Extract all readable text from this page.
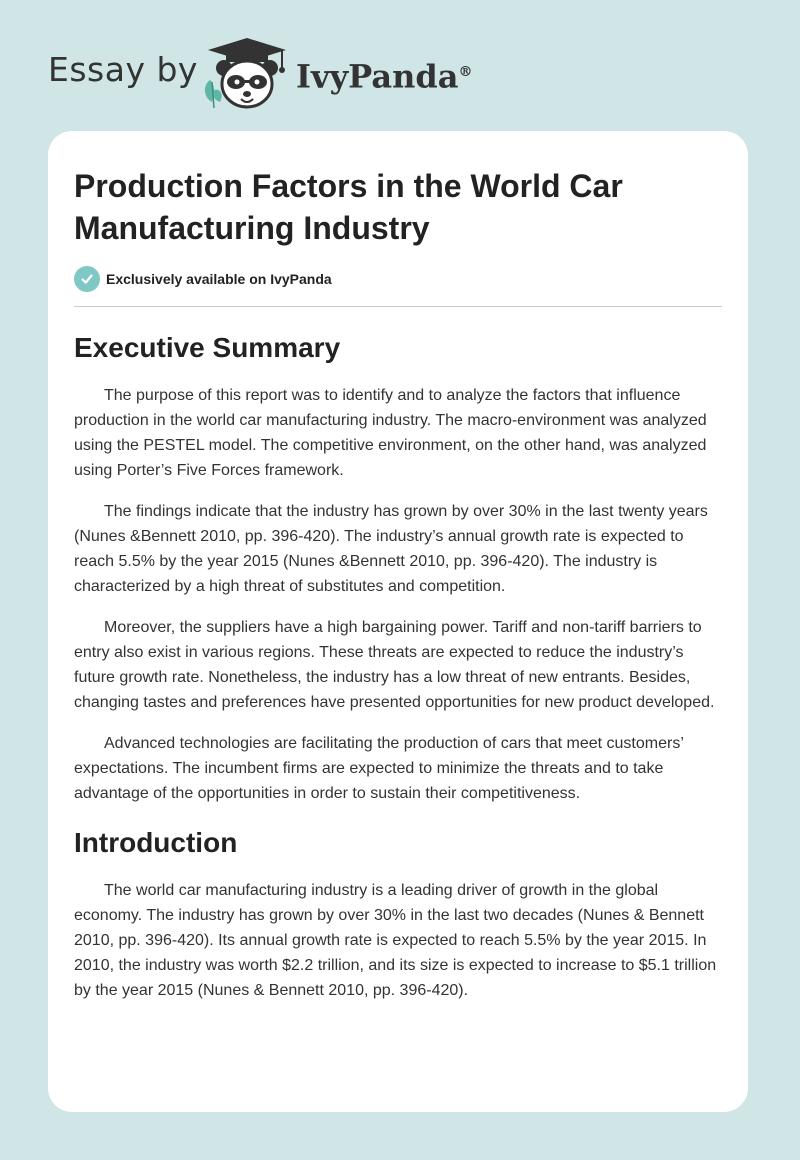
Essay by	IvyPanda®
Production Factors in the World Car Manufacturing Industry
Exclusively available on IvyPanda
Executive Summary

The purpose of this report was to identify and to analyze the factors that influence production in the world car manufacturing industry. The macro-environment was analyzed using the PESTEL model. The competitive environment, on the other hand, was analyzed using Porter’s Five Forces framework.

The findings indicate that the industry has grown by over 30% in the last twenty years (Nunes &Bennett 2010, pp. 396-420). The industry’s annual growth rate is expected to reach 5.5% by the year 2015 (Nunes &Bennett 2010, pp. 396-420). The industry is characterized by a high threat of substitutes and competition.

Moreover, the suppliers have a high bargaining power. Tariff and non-tariff barriers to entry also exist in various regions. These threats are expected to reduce the industry’s future growth rate. Nonetheless, the industry has a low threat of new entrants. Besides, changing tastes and preferences have presented opportunities for new product developed.

Advanced technologies are facilitating the production of cars that meet customers’ expectations. The incumbent firms are expected to minimize the threats and to take advantage of the opportunities in order to sustain their competitiveness.

Introduction

The world car manufacturing industry is a leading driver of growth in the global economy. The industry has grown by over 30% in the last two decades (Nunes & Bennett 2010, pp. 396-420). Its annual growth rate is expected to reach 5.5% by the year 2015. In 2010, the industry was worth $2.2 trillion, and its size is expected to increase to $5.1 trillion by the year 2015 (Nunes & Bennett 2010, pp. 396-420).
